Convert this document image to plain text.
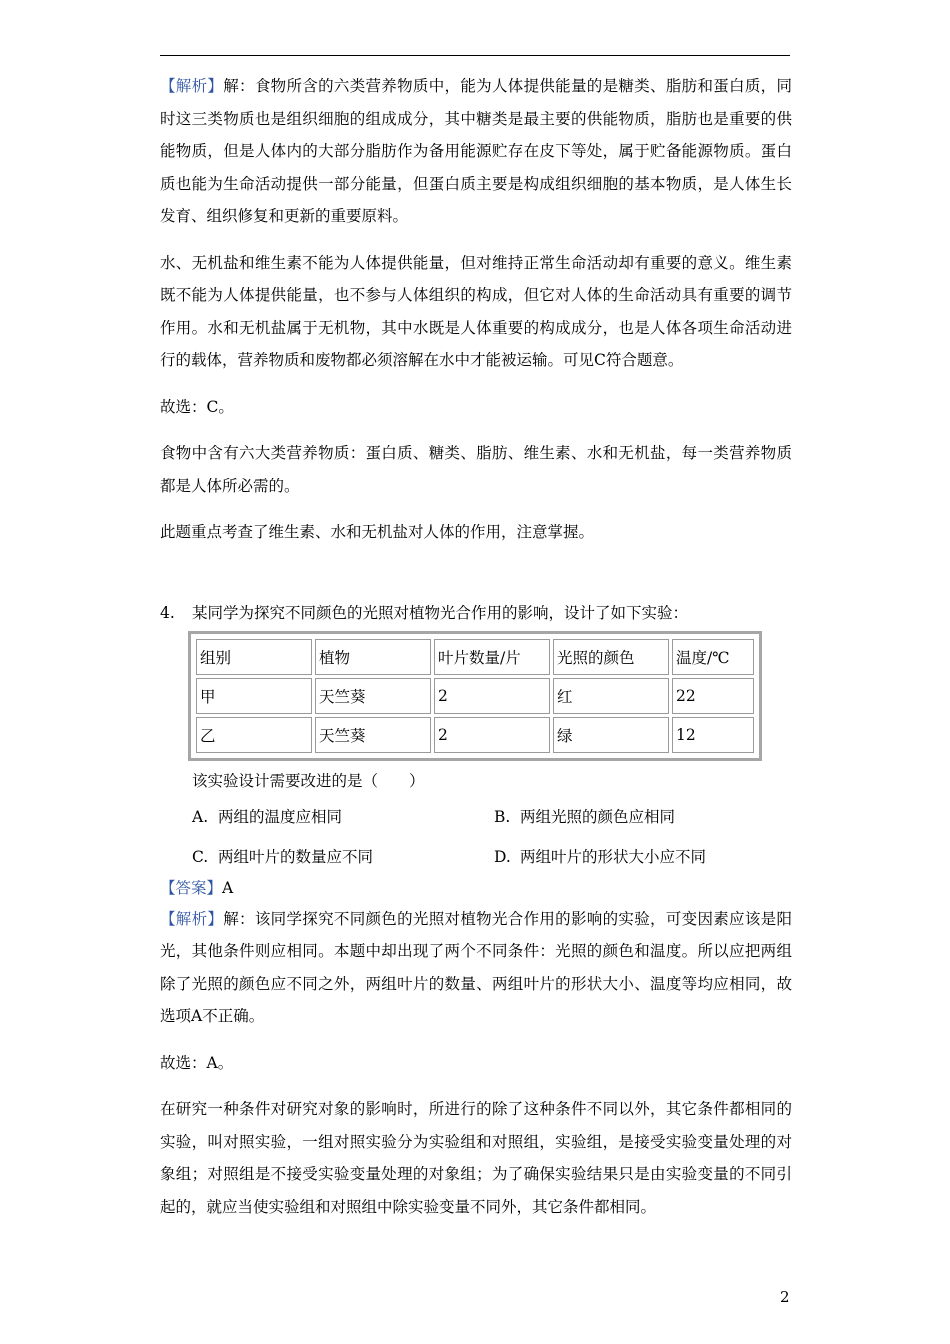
【解析】解：食物所含的六类营养物质中，能为人体提供能量的是糖类、脂肪和蛋白质，同时这三类物质也是组织细胞的组成成分，其中糖类是最主要的供能物质，脂肪也是重要的供能物质，但是人体内的大部分脂肪作为备用能源贮存在皮下等处，属于贮备能源物质。蛋白质也能为生命活动提供一部分能量，但蛋白质主要是构成组织细胞的基本物质，是人体生长发育、组织修复和更新的重要原料。

水、无机盐和维生素不能为人体提供能量，但对维持正常生命活动却有重要的意义。维生素既不能为人体提供能量，也不参与人体组织的构成，但它对人体的生命活动具有重要的调节作用。水和无机盐属于无机物，其中水既是人体重要的构成成分，也是人体各项生命活动进行的载体，营养物质和废物都必须溶解在水中才能被运输。可见C符合题意。

故选：C。

食物中含有六大类营养物质：蛋白质、糖类、脂肪、维生素、水和无机盐，每一类营养物质都是人体所必需的。

此题重点考查了维生素、水和无机盐对人体的作用，注意掌握。

4. 某同学为探究不同颜色的光照对植物光合作用的影响，设计了如下实验：

组别	植物	叶片数量/片	光照的颜色	温度/℃
甲	天竺葵	2	红	22
乙	天竺葵	2	绿	12
该实验设计需要改进的是（　　）
A. 两组的温度应相同	B. 两组光照的颜色应相同
C. 两组叶片的数量应不同	D. 两组叶片的形状大小应不同

【答案】A

【解析】解：该同学探究不同颜色的光照对植物光合作用的影响的实验，可变因素应该是阳光，其他条件则应相同。本题中却出现了两个不同条件：光照的颜色和温度。所以应把两组除了光照的颜色应不同之外，两组叶片的数量、两组叶片的形状大小、温度等均应相同，故选项A不正确。

故选：A。

在研究一种条件对研究对象的影响时，所进行的除了这种条件不同以外，其它条件都相同的实验，叫对照实验，一组对照实验分为实验组和对照组，实验组，是接受实验变量处理的对象组；对照组是不接受实验变量处理的对象组；为了确保实验结果只是由实验变量的不同引起的，就应当使实验组和对照组中除实验变量不同外，其它条件都相同。

2
